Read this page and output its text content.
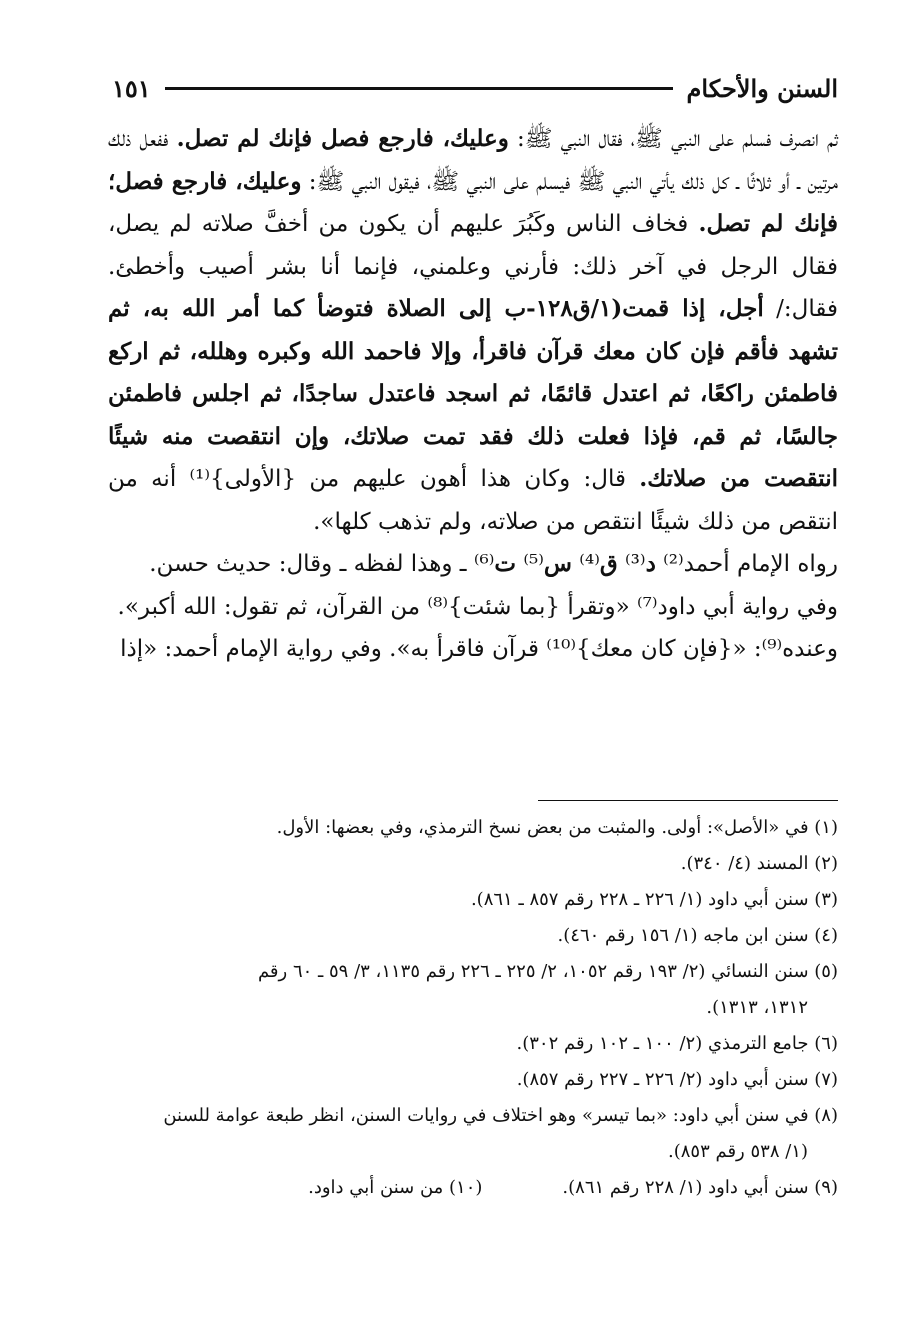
السنن والأحكام
١٥١

ثم انصرف فسلم على النبي ﷺ، فقال النبي ﷺ: وعليك، فارجع فصل فإنك لم تصل. ففعل ذلك مرتين ـ أو ثلاثًا ـ كل ذلك يأتي النبي ﷺ فيسلم على النبي ﷺ، فيقول النبي ﷺ: وعليك، فارجع فصل؛ فإنك لم تصل. فخاف الناس وكَبُرَ عليهم أن يكون من أخفَّ صلاته لم يصل، فقال الرجل في آخر ذلك: فأرني وعلمني، فإنما أنا بشر أصيب وأخطئ. فقال:/ أجل، إذا قمت(١/ق١٢٨-ب إلى الصلاة فتوضأ كما أمر الله به، ثم تشهد فأقم فإن كان معك قرآن فاقرأ، وإلا فاحمد الله وكبره وهلله، ثم اركع فاطمئن راكعًا، ثم اعتدل قائمًا، ثم اسجد فاعتدل ساجدًا، ثم اجلس فاطمئن جالسًا، ثم قم، فإذا فعلت ذلك فقد تمت صلاتك، وإن انتقصت منه شيئًا انتقصت من صلاتك. قال: وكان هذا أهون عليهم من {الأولى}⁽¹⁾ أنه من انتقص من ذلك شيئًا انتقص من صلاته، ولم تذهب كلها».

رواه الإمام أحمد⁽²⁾ د⁽³⁾ ق⁽⁴⁾ س⁽⁵⁾ ت⁽⁶⁾ ـ وهذا لفظه ـ وقال: حديث حسن.

وفي رواية أبي داود⁽⁷⁾ «وتقرأ {بما شئت}⁽⁸⁾ من القرآن، ثم تقول: الله أكبر».

وعنده⁽⁹⁾: «{فإن كان معك}⁽¹⁰⁾ قرآن فاقرأ به». وفي رواية الإمام أحمد: «إذا

(١) في «الأصل»: أولى. والمثبت من بعض نسخ الترمذي، وفي بعضها: الأول.

(٢) المسند (٤/ ٣٤٠).

(٣) سنن أبي داود (١/ ٢٢٦ ـ ٢٢٨ رقم ٨٥٧ ـ ٨٦١).

(٤) سنن ابن ماجه (١/ ١٥٦ رقم ٤٦٠).

(٥) سنن النسائي (٢/ ١٩٣ رقم ١٠٥٢، ٢/ ٢٢٥ ـ ٢٢٦ رقم ١١٣٥، ٣/ ٥٩ ـ ٦٠ رقم

١٣١٢، ١٣١٣).

(٦) جامع الترمذي (٢/ ١٠٠ ـ ١٠٢ رقم ٣٠٢).

(٧) سنن أبي داود (٢/ ٢٢٦ ـ ٢٢٧ رقم ٨٥٧).

(٨) في سنن أبي داود: «بما تيسر» وهو اختلاف في روايات السنن، انظر طبعة عوامة للسنن

(١/ ٥٣٨ رقم ٨٥٣).

(٩) سنن أبي داود (١/ ٢٢٨ رقم ٨٦١).

(١٠) من سنن أبي داود.
